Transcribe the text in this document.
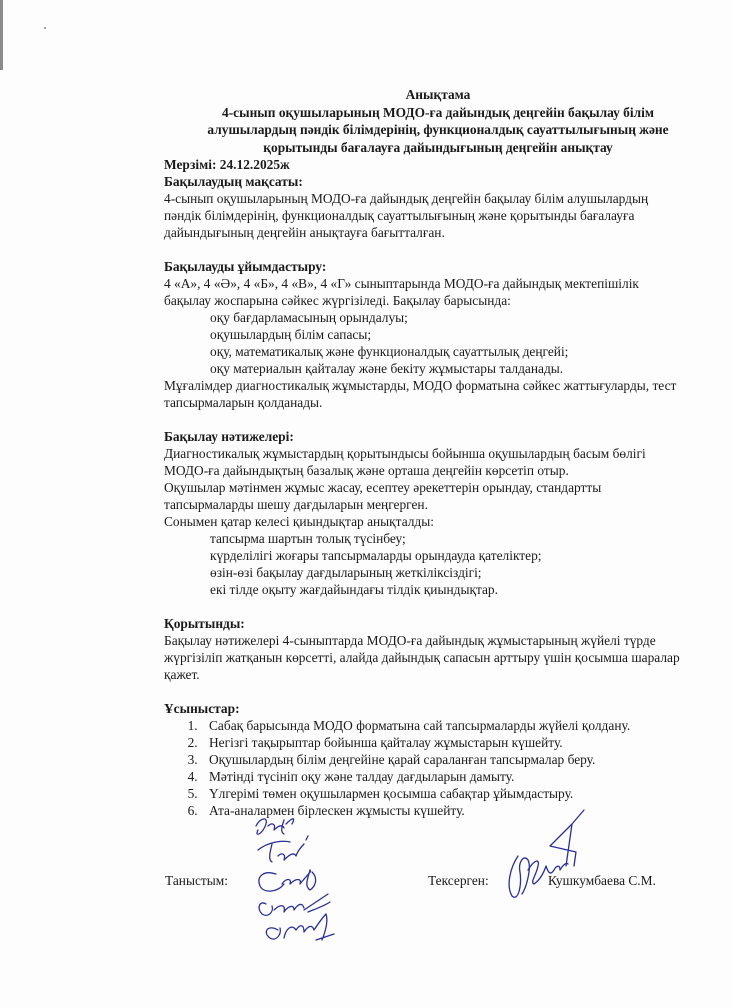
Анықтама
4-сынып оқушыларының МОДО-ға дайындық деңгейін бақылау білім
алушылардың пәндік білімдерінің, функционалдық сауаттылығының және
қорытынды бағалауға дайындығының деңгейін анықтау
Мерзімі: 24.12.2025ж
Бақылаудың мақсаты:
4-сынып оқушыларының МОДО-ға дайындық деңгейін бақылау білім алушылардың
пәндік білімдерінің, функционалдық сауаттылығының және қорытынды бағалауға
дайындығының деңгейін анықтауға бағытталған.
Бақылауды ұйымдастыру:
4 «А», 4 «Ә», 4 «Б», 4 «В», 4 «Г» сыныптарында МОДО-ға дайындық мектепішілік
бақылау жоспарына сәйкес жүргізіледі. Бақылау барысында:
оқу бағдарламасының орындалуы;
оқушылардың білім сапасы;
оқу, математикалық және функционалдық сауаттылық деңгейі;
оқу материалын қайталау және бекіту жұмыстары талданады.
Мұғалімдер диагностикалық жұмыстарды, МОДО форматына сәйкес жаттығуларды, тест
тапсырмаларын қолданады.
Бақылау нәтижелері:
Диагностикалық жұмыстардың қорытындысы бойынша оқушылардың басым бөлігі
МОДО-ға дайындықтың базалық және орташа деңгейін көрсетіп отыр.
Оқушылар мәтінмен жұмыс жасау, есептеу әрекеттерін орындау, стандартты
тапсырмаларды шешу дағдыларын меңгерген.
Сонымен қатар келесі қиындықтар анықталды:
тапсырма шартын толық түсінбеу;
күрделілігі жоғары тапсырмаларды орындауда қателіктер;
өзін-өзі бақылау дағдыларының жеткіліксіздігі;
екі тілде оқыту жағдайындағы тілдік қиындықтар.
Қорытынды:
Бақылау нәтижелері 4-сыныптарда МОДО-ға дайындық жұмыстарының жүйелі түрде
жүргізіліп жатқанын көрсетті, алайда дайындық сапасын арттыру үшін қосымша шаралар
қажет.
Ұсыныстар:
1. Сабақ барысында МОДО форматына сай тапсырмаларды жүйелі қолдану.
2. Негізгі тақырыптар бойынша қайталау жұмыстарын күшейту.
3. Оқушылардың білім деңгейіне қарай сараланған тапсырмалар беру.
4. Мәтінді түсініп оқу және талдау дағдыларын дамыту.
5. Үлгерімі төмен оқушылармен қосымша сабақтар ұйымдастыру.
6. Ата-аналармен бірлескен жұмысты күшейту.
Таныстым:	Тексерген:	Кушкумбаева С.М.
